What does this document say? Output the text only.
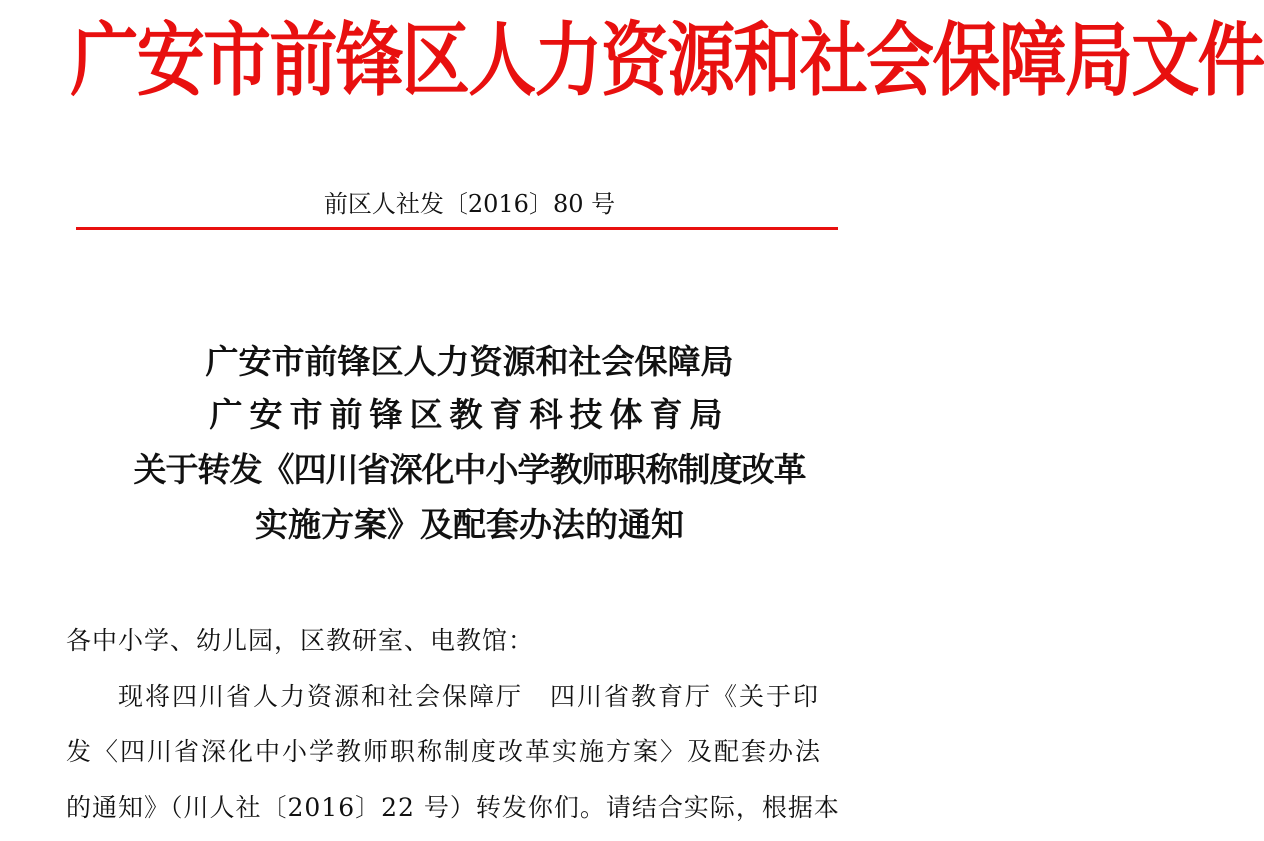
广安市前锋区人力资源和社会保障局文件
前区人社发〔2016〕80 号
广安市前锋区人力资源和社会保障局
广安市前锋区教育科技体育局
关于转发《四川省深化中小学教师职称制度改革
实施方案》及配套办法的通知
各中小学、幼儿园，区教研室、电教馆：
现将四川省人力资源和社会保障厅　四川省教育厅《关于印
发〈四川省深化中小学教师职称制度改革实施方案〉及配套办法
的通知》（川人社〔2016〕22 号）转发你们。请结合实际，根据本
